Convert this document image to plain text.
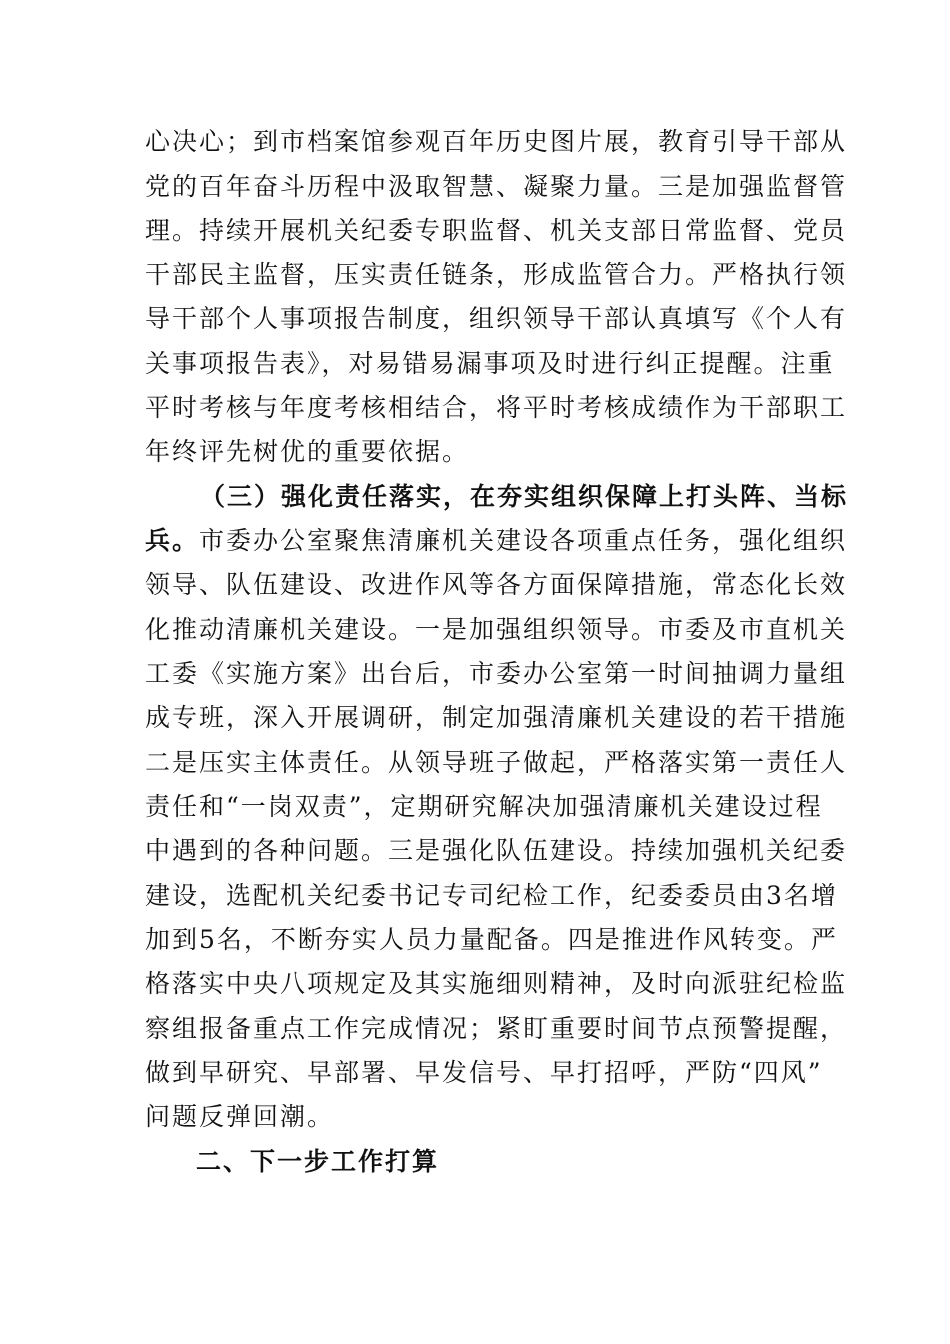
心决心；到市档案馆参观百年历史图片展，教育引导干部从
党的百年奋斗历程中汲取智慧、凝聚力量。三是加强监督管
理。持续开展机关纪委专职监督、机关支部日常监督、党员
干部民主监督，压实责任链条，形成监管合力。严格执行领
导干部个人事项报告制度，组织领导干部认真填写《个人有
关事项报告表》，对易错易漏事项及时进行纠正提醒。注重
平时考核与年度考核相结合，将平时考核成绩作为干部职工
年终评先树优的重要依据。
（三）强化责任落实，在夯实组织保障上打头阵、当标
兵。市委办公室聚焦清廉机关建设各项重点任务，强化组织
领导、队伍建设、改进作风等各方面保障措施，常态化长效
化推动清廉机关建设。一是加强组织领导。市委及市直机关
工委《实施方案》出台后，市委办公室第一时间抽调力量组
成专班，深入开展调研，制定加强清廉机关建设的若干措施
二是压实主体责任。从领导班子做起，严格落实第一责任人
责任和“一岗双责”，定期研究解决加强清廉机关建设过程
中遇到的各种问题。三是强化队伍建设。持续加强机关纪委
建设，选配机关纪委书记专司纪检工作，纪委委员由3名增
加到5名，不断夯实人员力量配备。四是推进作风转变。严
格落实中央八项规定及其实施细则精神，及时向派驻纪检监
察组报备重点工作完成情况；紧盯重要时间节点预警提醒，
做到早研究、早部署、早发信号、早打招呼，严防“四风”
问题反弹回潮。
二、下一步工作打算
